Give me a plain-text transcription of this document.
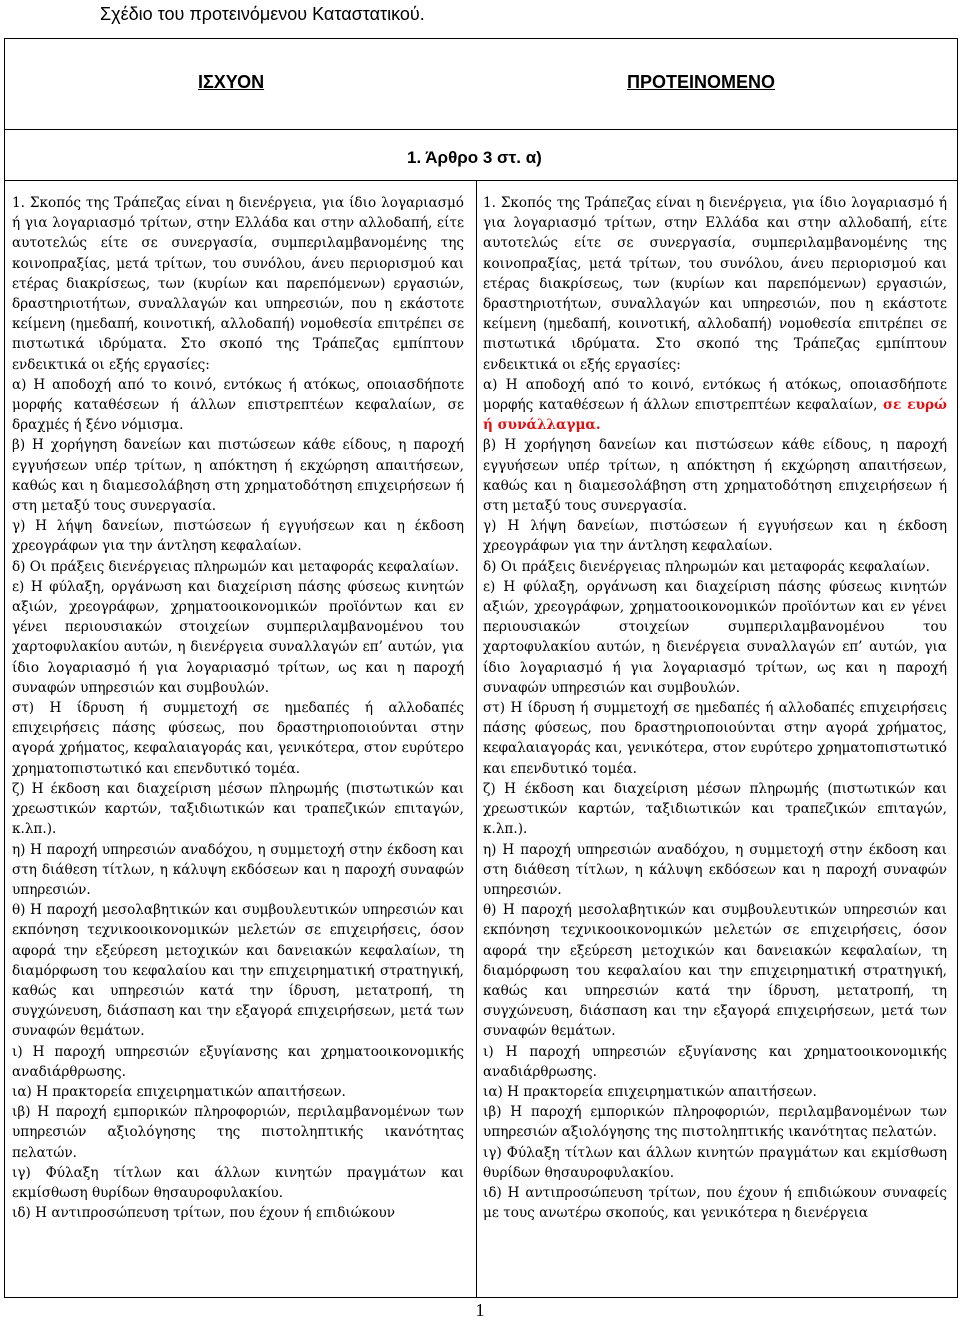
Σχέδιο του προτεινόμενου Καταστατικού.
ΙΣΧΥΟΝ	ΠΡΟΤΕΙΝΟΜΕΝΟ
1. Άρθρο 3 στ. α)

1. Σκοπός της Τράπεζας είναι η διενέργεια, για ίδιο λογαριασμό ή για λογαριασμό τρίτων, στην Ελλάδα και στην αλλοδαπή, είτε αυτοτελώς είτε σε συνεργασία, συμπεριλαμβανομένης της κοινοπραξίας, μετά τρίτων, του συνόλου, άνευ περιορισμού και ετέρας διακρίσεως, των (κυρίων και παρεπόμενων) εργασιών, δραστηριοτήτων, συναλλαγών και υπηρεσιών, που η εκάστοτε κείμενη (ημεδαπή, κοινοτική, αλλοδαπή) νομοθεσία επιτρέπει σε πιστωτικά ιδρύματα. Στο σκοπό της Τράπεζας εμπίπτουν ενδεικτικά οι εξής εργασίες:

α) Η αποδοχή από το κοινό, εντόκως ή ατόκως, οποιασδήποτε μορφής καταθέσεων ή άλλων επιστρεπτέων κεφαλαίων, σε δραχμές ή ξένο νόμισμα.

β) Η χορήγηση δανείων και πιστώσεων κάθε είδους, η παροχή εγγυήσεων υπέρ τρίτων, η απόκτηση ή εκχώρηση απαιτήσεων, καθώς και η διαμεσολάβηση στη χρηματοδότηση επιχειρήσεων ή στη μεταξύ τους συνεργασία.

γ) Η λήψη δανείων, πιστώσεων ή εγγυήσεων και η έκδοση χρεογράφων για την άντληση κεφαλαίων.

δ) Οι πράξεις διενέργειας πληρωμών και μεταφοράς κεφαλαίων.

ε) Η φύλαξη, οργάνωση και διαχείριση πάσης φύσεως κινητών αξιών, χρεογράφων, χρηματοοικονομικών προϊόντων και εν γένει περιουσιακών στοιχείων συμπεριλαμβανομένου του χαρτοφυλακίου αυτών, η διενέργεια συναλλαγών επ’ αυτών, για ίδιο λογαριασμό ή για λογαριασμό τρίτων, ως και η παροχή συναφών υπηρεσιών και συμβουλών.

στ) Η ίδρυση ή συμμετοχή σε ημεδαπές ή αλλοδαπές επιχειρήσεις πάσης φύσεως, που δραστηριοποιούνται στην αγορά χρήματος, κεφαλαιαγοράς και, γενικότερα, στον ευρύτερο χρηματοπιστωτικό και επενδυτικό τομέα.

ζ) Η έκδοση και διαχείριση μέσων πληρωμής (πιστωτικών και χρεωστικών καρτών, ταξιδιωτικών και τραπεζικών επιταγών, κ.λπ.).

η) Η παροχή υπηρεσιών αναδόχου, η συμμετοχή στην έκδοση και στη διάθεση τίτλων, η κάλυψη εκδόσεων και η παροχή συναφών υπηρεσιών.

θ) Η παροχή μεσολαβητικών και συμβουλευτικών υπηρεσιών και εκπόνηση τεχνικοοικονομικών μελετών σε επιχειρήσεις, όσον αφορά την εξεύρεση μετοχικών και δανειακών κεφαλαίων, τη διαμόρφωση του κεφαλαίου και την επιχειρηματική στρατηγική, καθώς και υπηρεσιών κατά την ίδρυση, μετατροπή, τη συγχώνευση, διάσπαση και την εξαγορά επιχειρήσεων, μετά των συναφών θεμάτων.

ι) Η παροχή υπηρεσιών εξυγίανσης και χρηματοοικονομικής αναδιάρθρωσης.

ια) Η πρακτορεία επιχειρηματικών απαιτήσεων.

ιβ) Η παροχή εμπορικών πληροφοριών, περιλαμβανομένων των υπηρεσιών αξιολόγησης της πιστοληπτικής ικανότητας πελατών.

ιγ) Φύλαξη τίτλων και άλλων κινητών πραγμάτων και εκμίσθωση θυρίδων θησαυροφυλακίου.

ιδ) Η αντιπροσώπευση τρίτων, που έχουν ή επιδιώκουν

1. Σκοπός της Τράπεζας είναι η διενέργεια, για ίδιο λογαριασμό ή για λογαριασμό τρίτων, στην Ελλάδα και στην αλλοδαπή, είτε αυτοτελώς είτε σε συνεργασία, συμπεριλαμβανομένης της κοινοπραξίας, μετά τρίτων, του συνόλου, άνευ περιορισμού και ετέρας διακρίσεως, των (κυρίων και παρεπόμενων) εργασιών, δραστηριοτήτων, συναλλαγών και υπηρεσιών, που η εκάστοτε κείμενη (ημεδαπή, κοινοτική, αλλοδαπή) νομοθεσία επιτρέπει σε πιστωτικά ιδρύματα. Στο σκοπό της Τράπεζας εμπίπτουν ενδεικτικά οι εξής εργασίες:

α) Η αποδοχή από το κοινό, εντόκως ή ατόκως, οποιασδήποτε μορφής καταθέσεων ή άλλων επιστρεπτέων κεφαλαίων, σε ευρώ ή συνάλλαγμα.

β) Η χορήγηση δανείων και πιστώσεων κάθε είδους, η παροχή εγγυήσεων υπέρ τρίτων, η απόκτηση ή εκχώρηση απαιτήσεων, καθώς και η διαμεσολάβηση στη χρηματοδότηση επιχειρήσεων ή στη μεταξύ τους συνεργασία.

γ) Η λήψη δανείων, πιστώσεων ή εγγυήσεων και η έκδοση χρεογράφων για την άντληση κεφαλαίων.

δ) Οι πράξεις διενέργειας πληρωμών και μεταφοράς κεφαλαίων.

ε) Η φύλαξη, οργάνωση και διαχείριση πάσης φύσεως κινητών αξιών, χρεογράφων, χρηματοοικονομικών προϊόντων και εν γένει περιουσιακών στοιχείων συμπεριλαμβανομένου του χαρτοφυλακίου αυτών, η διενέργεια συναλλαγών επ’ αυτών, για ίδιο λογαριασμό ή για λογαριασμό τρίτων, ως και η παροχή συναφών υπηρεσιών και συμβουλών.

στ) Η ίδρυση ή συμμετοχή σε ημεδαπές ή αλλοδαπές επιχειρήσεις πάσης φύσεως, που δραστηριοποιούνται στην αγορά χρήματος, κεφαλαιαγοράς και, γενικότερα, στον ευρύτερο χρηματοπιστωτικό και επενδυτικό τομέα.

ζ) Η έκδοση και διαχείριση μέσων πληρωμής (πιστωτικών και χρεωστικών καρτών, ταξιδιωτικών και τραπεζικών επιταγών, κ.λπ.).

η) Η παροχή υπηρεσιών αναδόχου, η συμμετοχή στην έκδοση και στη διάθεση τίτλων, η κάλυψη εκδόσεων και η παροχή συναφών υπηρεσιών.

θ) Η παροχή μεσολαβητικών και συμβουλευτικών υπηρεσιών και εκπόνηση τεχνικοοικονομικών μελετών σε επιχειρήσεις, όσον αφορά την εξεύρεση μετοχικών και δανειακών κεφαλαίων, τη διαμόρφωση του κεφαλαίου και την επιχειρηματική στρατηγική, καθώς και υπηρεσιών κατά την ίδρυση, μετατροπή, τη συγχώνευση, διάσπαση και την εξαγορά επιχειρήσεων, μετά των συναφών θεμάτων.

ι) Η παροχή υπηρεσιών εξυγίανσης και χρηματοοικονομικής αναδιάρθρωσης.

ια) Η πρακτορεία επιχειρηματικών απαιτήσεων.

ιβ) Η παροχή εμπορικών πληροφοριών, περιλαμβανομένων των υπηρεσιών αξιολόγησης της πιστοληπτικής ικανότητας πελατών.

ιγ) Φύλαξη τίτλων και άλλων κινητών πραγμάτων και εκμίσθωση θυρίδων θησαυροφυλακίου.

ιδ) Η αντιπροσώπευση τρίτων, που έχουν ή επιδιώκουν συναφείς με τους ανωτέρω σκοπούς, και γενικότερα η διενέργεια

1
